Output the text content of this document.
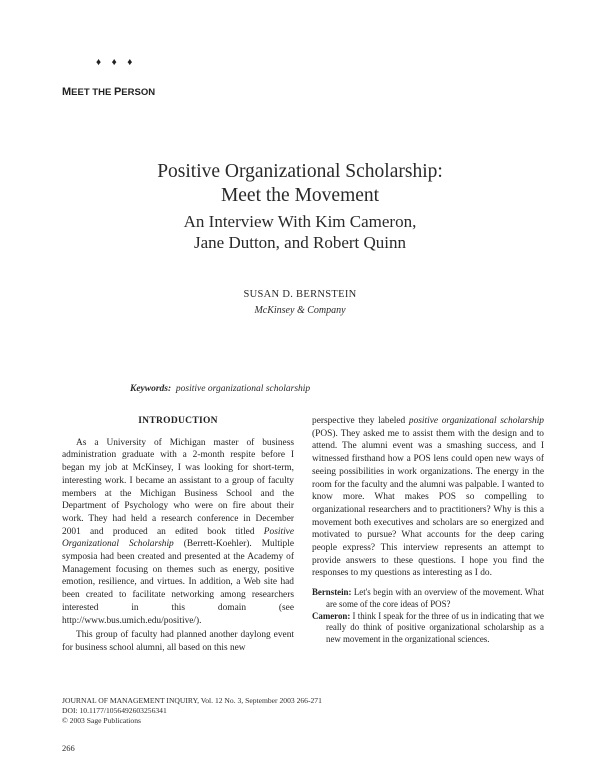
♦ ♦ ♦
MEET THE PERSON
Positive Organizational Scholarship:
Meet the Movement
An Interview With Kim Cameron,
Jane Dutton, and Robert Quinn
SUSAN D. BERNSTEIN
McKinsey & Company
Keywords: positive organizational scholarship
INTRODUCTION

As a University of Michigan master of business administration graduate with a 2-month respite before I began my job at McKinsey, I was looking for short-term, interesting work. I became an assistant to a group of faculty members at the Michigan Business School and the Department of Psychology who were on fire about their work. They had held a research conference in December 2001 and produced an edited book titled Positive Organizational Scholarship (Berrett-Koehler). Multiple symposia had been created and presented at the Academy of Management focusing on themes such as energy, positive emotion, resilience, and virtues. In addition, a Web site had been created to facilitate networking among researchers interested in this domain (see http://www.bus.umich.edu/positive/).

This group of faculty had planned another daylong event for business school alumni, all based on this new

perspective they labeled positive organizational scholarship (POS). They asked me to assist them with the design and to attend. The alumni event was a smashing success, and I witnessed firsthand how a POS lens could open new ways of seeing possibilities in work organizations. The energy in the room for the faculty and the alumni was palpable. I wanted to know more. What makes POS so compelling to organizational researchers and to practitioners? Why is this a movement both executives and scholars are so energized and motivated to pursue? What accounts for the deep caring people express? This interview represents an attempt to provide answers to these questions. I hope you find the responses to my questions as interesting as I do.

Bernstein: Let's begin with an overview of the movement. What are some of the core ideas of POS?

Cameron: I think I speak for the three of us in indicating that we really do think of positive organizational scholarship as a new movement in the organizational sciences.

JOURNAL OF MANAGEMENT INQUIRY, Vol. 12 No. 3, September 2003 266-271
DOI: 10.1177/1056492603256341
© 2003 Sage Publications
266
